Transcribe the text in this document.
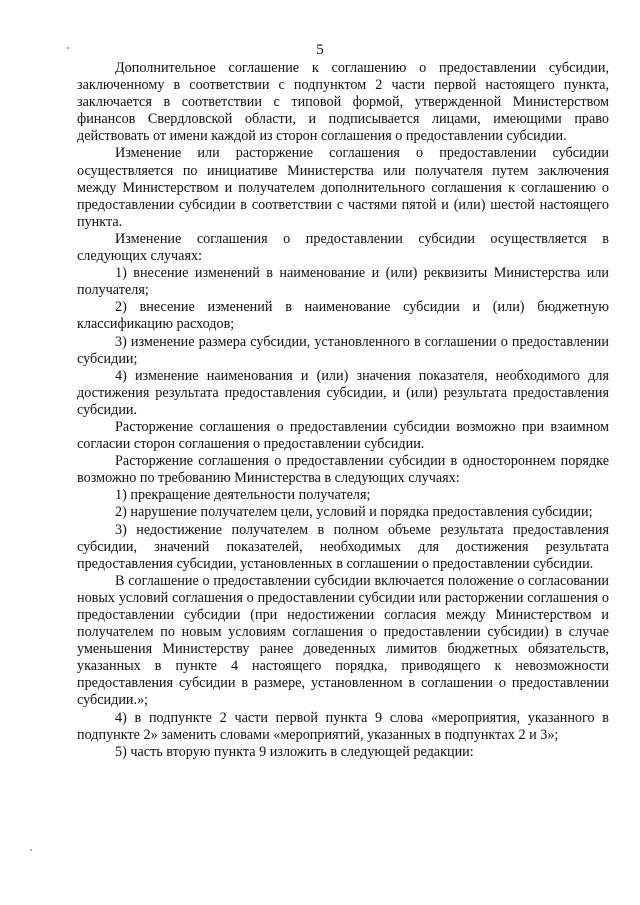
5

Дополнительное соглашение к соглашению о предоставлении субсидии, заключенному в соответствии с подпунктом 2 части первой настоящего пункта, заключается в соответствии с типовой формой, утвержденной Министерством финансов Свердловской области, и подписывается лицами, имеющими право действовать от имени каждой из сторон соглашения о предоставлении субсидии.

Изменение или расторжение соглашения о предоставлении субсидии осуществляется по инициативе Министерства или получателя путем заключения между Министерством и получателем дополнительного соглашения к соглашению о предоставлении субсидии в соответствии с частями пятой и (или) шестой настоящего пункта.

Изменение соглашения о предоставлении субсидии осуществляется в следующих случаях:

1) внесение изменений в наименование и (или) реквизиты Министерства или получателя;

2) внесение изменений в наименование субсидии и (или) бюджетную классификацию расходов;

3) изменение размера субсидии, установленного в соглашении о предоставлении субсидии;

4) изменение наименования и (или) значения показателя, необходимого для достижения результата предоставления субсидии, и (или) результата предоставления субсидии.

Расторжение соглашения о предоставлении субсидии возможно при взаимном согласии сторон соглашения о предоставлении субсидии.

Расторжение соглашения о предоставлении субсидии в одностороннем порядке возможно по требованию Министерства в следующих случаях:

1) прекращение деятельности получателя;

2) нарушение получателем цели, условий и порядка предоставления субсидии;

3) недостижение получателем в полном объеме результата предоставления субсидии, значений показателей, необходимых для достижения результата предоставления субсидии, установленных в соглашении о предоставлении субсидии.

В соглашение о предоставлении субсидии включается положение о согласовании новых условий соглашения о предоставлении субсидии или расторжении соглашения о предоставлении субсидии (при недостижении согласия между Министерством и получателем по новым условиям соглашения о предоставлении субсидии) в случае уменьшения Министерству ранее доведенных лимитов бюджетных обязательств, указанных в пункте 4 настоящего порядка, приводящего к невозможности предоставления субсидии в размере, установленном в соглашении о предоставлении субсидии.»;

4) в подпункте 2 части первой пункта 9 слова «мероприятия, указанного в подпункте 2» заменить словами «мероприятий, указанных в подпунктах 2 и 3»;

5) часть вторую пункта 9 изложить в следующей редакции:
